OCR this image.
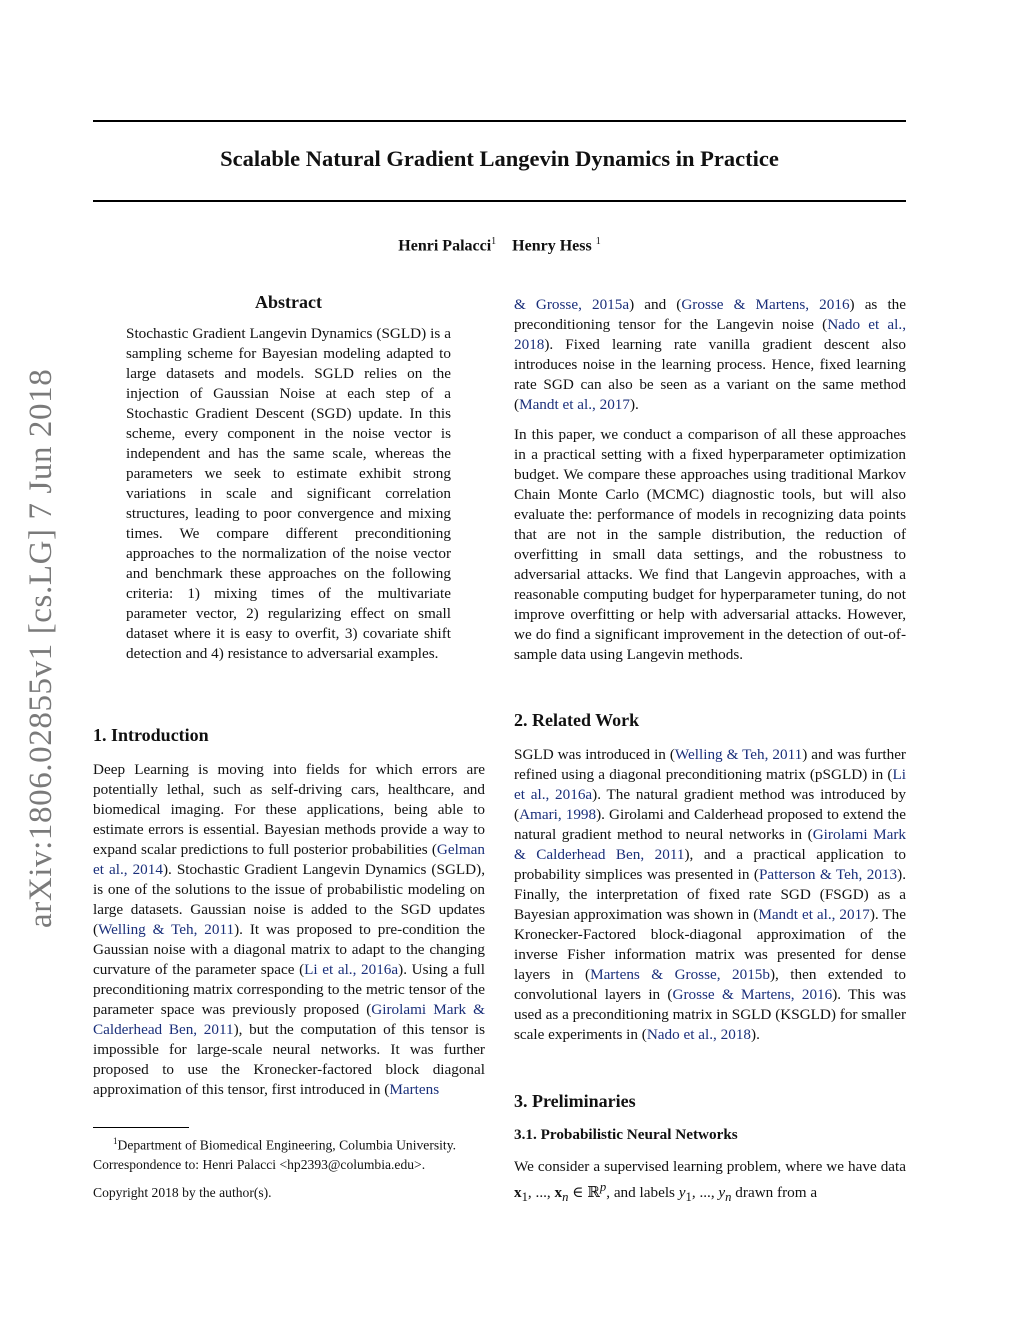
Scalable Natural Gradient Langevin Dynamics in Practice
Henri Palacci$^1$ Henry Hess $^1$
arXiv:1806.02855v1 [cs.LG] 7 Jun 2018
Abstract
Stochastic Gradient Langevin Dynamics (SGLD) is a sampling scheme for Bayesian modeling adapted to large datasets and models. SGLD relies on the injection of Gaussian Noise at each step of a Stochastic Gradient Descent (SGD) update. In this scheme, every component in the noise vector is independent and has the same scale, whereas the parameters we seek to estimate exhibit strong variations in scale and significant correlation structures, leading to poor convergence and mixing times. We compare different preconditioning approaches to the normalization of the noise vector and benchmark these approaches on the following criteria: 1) mixing times of the multivariate parameter vector, 2) regularizing effect on small dataset where it is easy to overfit, 3) covariate shift detection and 4) resistance to adversarial examples.
1. Introduction
Deep Learning is moving into fields for which errors are potentially lethal, such as self-driving cars, healthcare, and biomedical imaging. For these applications, being able to estimate errors is essential. Bayesian methods provide a way to expand scalar predictions to full posterior probabilities (Gelman et al., 2014). Stochastic Gradient Langevin Dynamics (SGLD), is one of the solutions to the issue of probabilistic modeling on large datasets. Gaussian noise is added to the SGD updates (Welling & Teh, 2011). It was proposed to pre-condition the Gaussian noise with a diagonal matrix to adapt to the changing curvature of the parameter space (Li et al., 2016a). Using a full preconditioning matrix corresponding to the metric tensor of the parameter space was previously proposed (Girolami Mark & Calderhead Ben, 2011), but the computation of this tensor is impossible for large-scale neural networks. It was further proposed to use the Kronecker-factored block diagonal approximation of this tensor, first introduced in (Martens
$^1$Department of Biomedical Engineering, Columbia University.
Correspondence to: Henri Palacci <hp2393@columbia.edu>.
Copyright 2018 by the author(s).
& Grosse, 2015a) and (Grosse & Martens, 2016) as the preconditioning tensor for the Langevin noise (Nado et al., 2018). Fixed learning rate vanilla gradient descent also introduces noise in the learning process. Hence, fixed learning rate SGD can also be seen as a variant on the same method (Mandt et al., 2017).
In this paper, we conduct a comparison of all these approaches in a practical setting with a fixed hyperparameter optimization budget. We compare these approaches using traditional Markov Chain Monte Carlo (MCMC) diagnostic tools, but will also evaluate the: performance of models in recognizing data points that are not in the sample distribution, the reduction of overfitting in small data settings, and the robustness to adversarial attacks. We find that Langevin approaches, with a reasonable computing budget for hyperparameter tuning, do not improve overfitting or help with adversarial attacks. However, we do find a significant improvement in the detection of out-of-sample data using Langevin methods.
2. Related Work
SGLD was introduced in (Welling & Teh, 2011) and was further refined using a diagonal preconditioning matrix (pSGLD) in (Li et al., 2016a). The natural gradient method was introduced by (Amari, 1998). Girolami and Calderhead proposed to extend the natural gradient method to neural networks in (Girolami Mark & Calderhead Ben, 2011), and a practical application to probability simplices was presented in (Patterson & Teh, 2013). Finally, the interpretation of fixed rate SGD (FSGD) as a Bayesian approximation was shown in (Mandt et al., 2017). The Kronecker-Factored block-diagonal approximation of the inverse Fisher information matrix was presented for dense layers in (Martens & Grosse, 2015b), then extended to convolutional layers in (Grosse & Martens, 2016). This was used as a preconditioning matrix in SGLD (KSGLD) for smaller scale experiments in (Nado et al., 2018).
3. Preliminaries
3.1. Probabilistic Neural Networks
We consider a supervised learning problem, where we have data $x_1$, ..., $x_n$ ∈ ℝ$^p$, and labels $y_1$, ..., $y_n$ drawn from a
